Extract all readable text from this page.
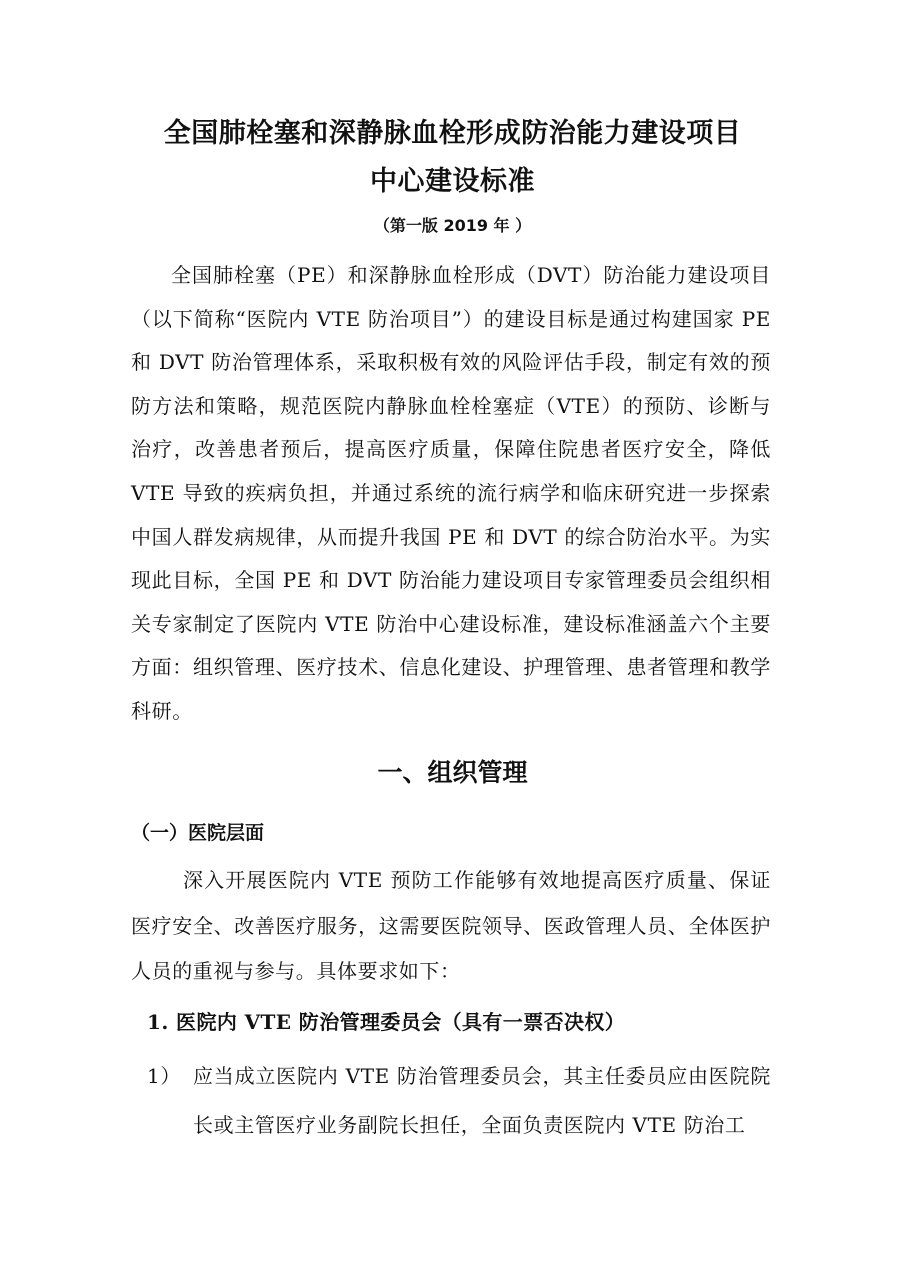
全国肺栓塞和深静脉血栓形成防治能力建设项目
中心建设标准
（第一版 2019 年 ）

全国肺栓塞（PE）和深静脉血栓形成（DVT）防治能力建设项目（以下简称“医院内 VTE 防治项目”）的建设目标是通过构建国家 PE 和 DVT 防治管理体系，采取积极有效的风险评估手段，制定有效的预防方法和策略，规范医院内静脉血栓栓塞症（VTE）的预防、诊断与治疗，改善患者预后，提高医疗质量，保障住院患者医疗安全，降低 VTE 导致的疾病负担，并通过系统的流行病学和临床研究进一步探索中国人群发病规律，从而提升我国 PE 和 DVT 的综合防治水平。为实现此目标，全国 PE 和 DVT 防治能力建设项目专家管理委员会组织相关专家制定了医院内 VTE 防治中心建设标准，建设标准涵盖六个主要方面：组织管理、医疗技术、信息化建设、护理管理、患者管理和教学科研。

一、组织管理
（一）医院层面

深入开展医院内 VTE 预防工作能够有效地提高医疗质量、保证医疗安全、改善医疗服务，这需要医院领导、医政管理人员、全体医护人员的重视与参与。具体要求如下：

1. 医院内 VTE 防治管理委员会（具有一票否决权）
1） 应当成立医院内 VTE 防治管理委员会，其主任委员应由医院院长或主管医疗业务副院长担任，全面负责医院内 VTE 防治工
